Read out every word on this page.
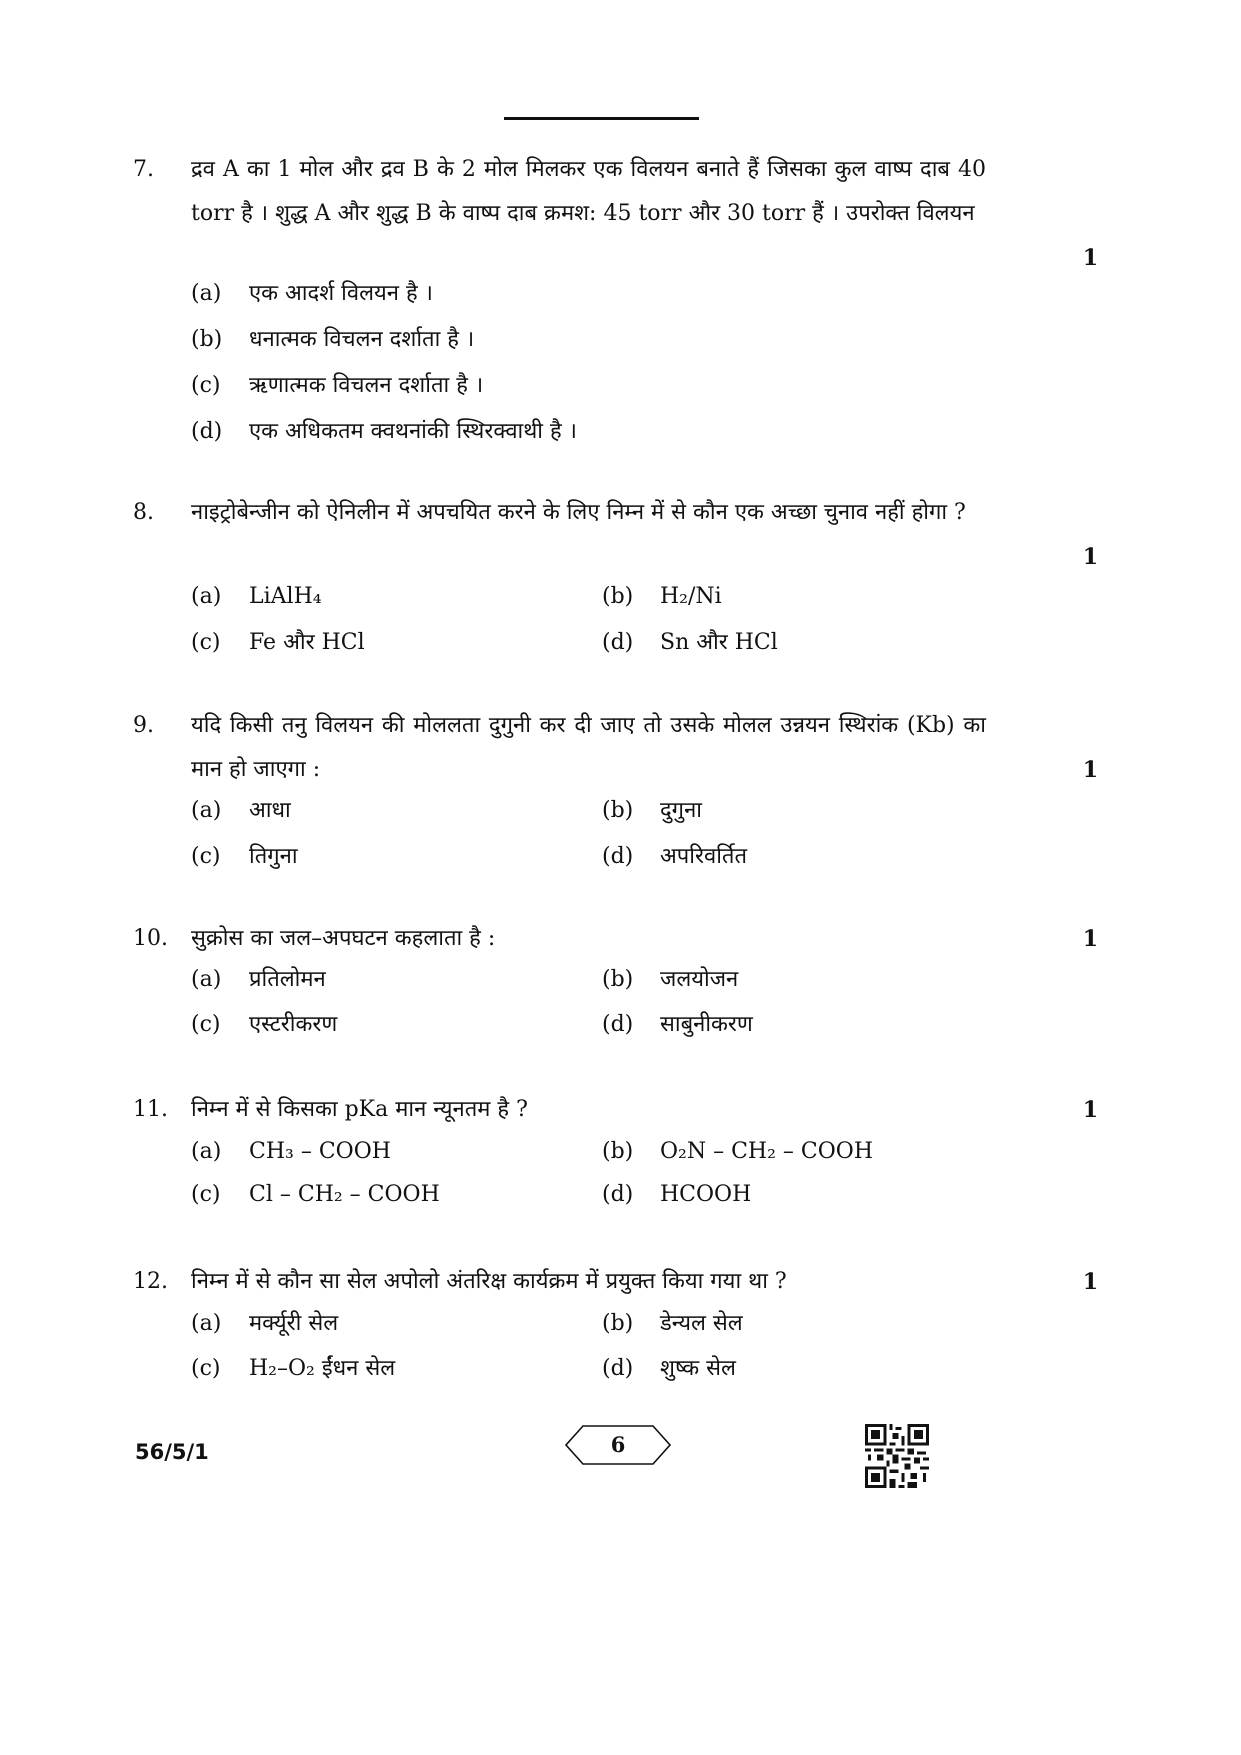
7.	द्रव A का 1 मोल और द्रव B के 2 मोल मिलकर एक विलयन बनाते हैं जिसका कुल वाष्प दाब 40 torr है । शुद्ध A और शुद्ध B के वाष्प दाब क्रमश: 45 torr और 30 torr हैं । उपरोक्त विलयन
1
(a) एक आदर्श विलयन है ।
(b) धनात्मक विचलन दर्शाता है ।
(c) ऋणात्मक विचलन दर्शाता है ।
(d) एक अधिकतम क्वथनांकी स्थिरक्वाथी है ।
8.	नाइट्रोबेन्जीन को ऐनिलीन में अपचयित करने के लिए निम्न में से कौन एक अच्छा चुनाव नहीं होगा ?
1
(a) LiAlH₄	(b) H₂/Ni
(c) Fe और HCl	(d) Sn और HCl
9.	यदि किसी तनु विलयन की मोललता दुगुनी कर दी जाए तो उसके मोलल उन्नयन स्थिरांक (Kb) का मान हो जाएगा :	1
(a) आधा	(b) दुगुना
(c) तिगुना	(d) अपरिवर्तित
10.	सुक्रोस का जल–अपघटन कहलाता है :	1
(a) प्रतिलोमन	(b) जलयोजन
(c) एस्टरीकरण	(d) साबुनीकरण
11.	निम्न में से किसका pKa मान न्यूनतम है ?	1
(a) CH₃ – COOH	(b) O₂N – CH₂ – COOH
(c) Cl – CH₂ – COOH	(d) HCOOH
12.	निम्न में से कौन सा सेल अपोलो अंतरिक्ष कार्यक्रम में प्रयुक्त किया गया था ?	1
(a) मर्क्यूरी सेल	(b) डेन्यल सेल
(c) H₂–O₂ ईंधन सेल	(d) शुष्क सेल
56/5/1	6
